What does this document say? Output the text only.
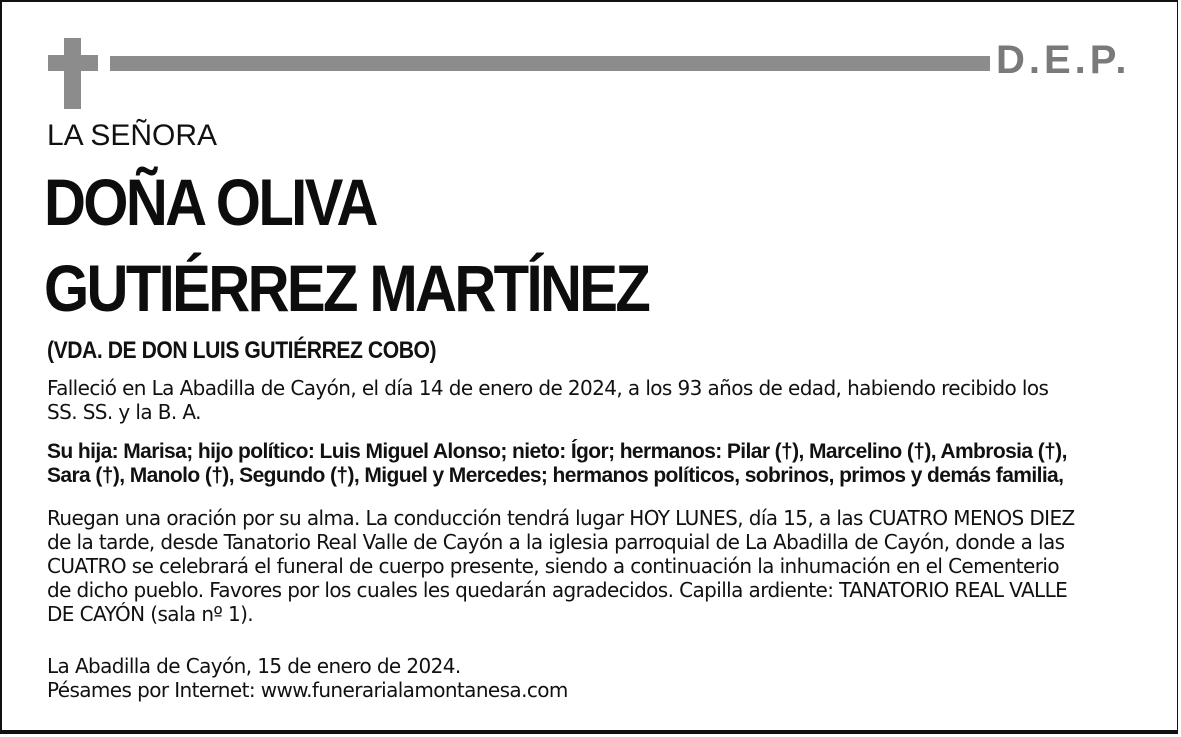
D.E.P.
LA SEÑORA
DOÑA OLIVA
GUTIÉRREZ MARTÍNEZ
(VDA. DE DON LUIS GUTIÉRREZ COBO)
Falleció en La Abadilla de Cayón, el día 14 de enero de 2024, a los 93 años de edad, habiendo recibido los
SS. SS. y la B. A.
Su hija: Marisa; hijo político: Luis Miguel Alonso; nieto: Ígor; hermanos: Pilar (†), Marcelino (†), Ambrosia (†),
Sara (†), Manolo (†), Segundo (†), Miguel y Mercedes; hermanos políticos, sobrinos, primos y demás familia,
Ruegan una oración por su alma. La conducción tendrá lugar HOY LUNES, día 15, a las CUATRO MENOS DIEZ
de la tarde, desde Tanatorio Real Valle de Cayón a la iglesia parroquial de La Abadilla de Cayón, donde a las
CUATRO se celebrará el funeral de cuerpo presente, siendo a continuación la inhumación en el Cementerio
de dicho pueblo. Favores por los cuales les quedarán agradecidos. Capilla ardiente: TANATORIO REAL VALLE
DE CAYÓN (sala nº 1).
La Abadilla de Cayón, 15 de enero de 2024.
Pésames por Internet: www.funerarialamontanesa.com
